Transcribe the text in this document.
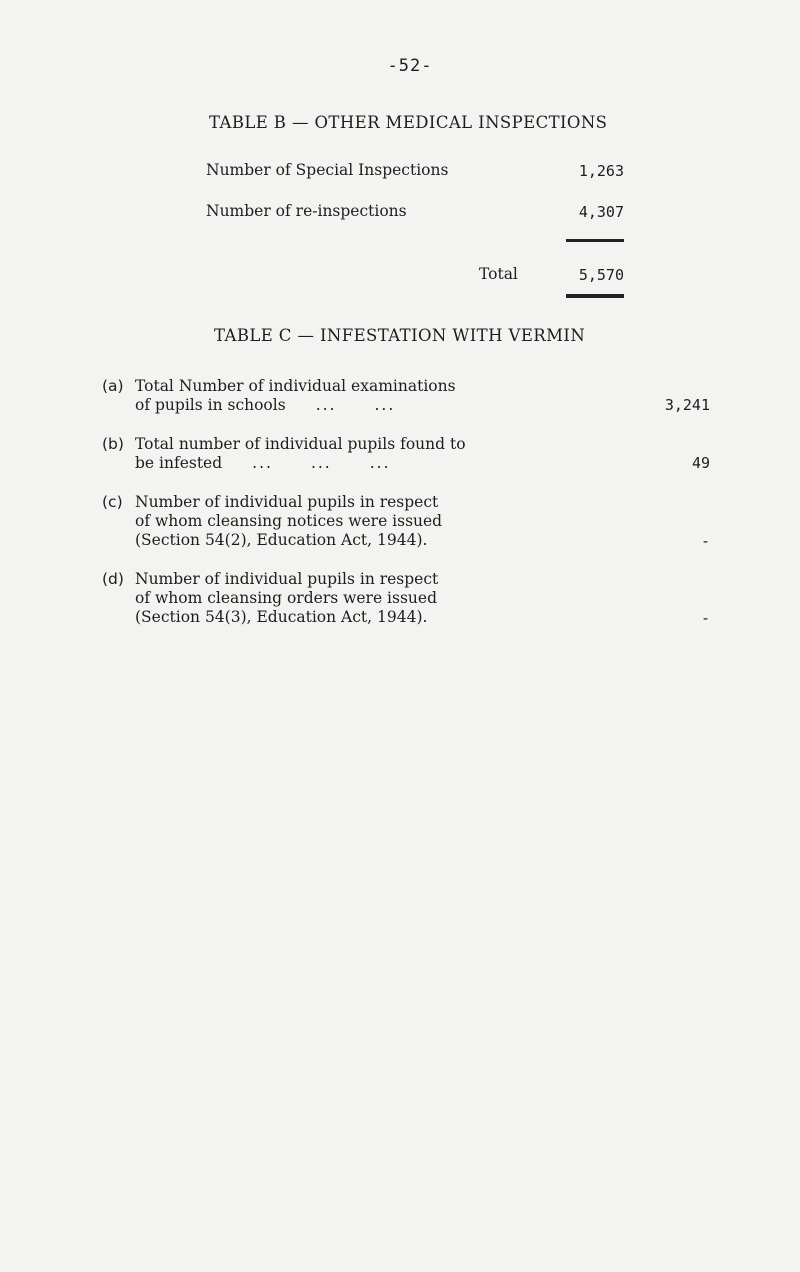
-52-
TABLE B — OTHER MEDICAL INSPECTIONS
Number of Special Inspections	1,263
Number of re-inspections	4,307
Total	5,570
TABLE C — INFESTATION WITH VERMIN
(a) Total Number of individual examinations
of pupils in schools ... ...	3,241
(b) Total number of individual pupils found to
be infested ... ... ...	49
(c) Number of individual pupils in respect
of whom cleansing notices were issued
(Section 54(2), Education Act, 1944).	-
(d) Number of individual pupils in respect
of whom cleansing orders were issued
(Section 54(3), Education Act, 1944).	-
